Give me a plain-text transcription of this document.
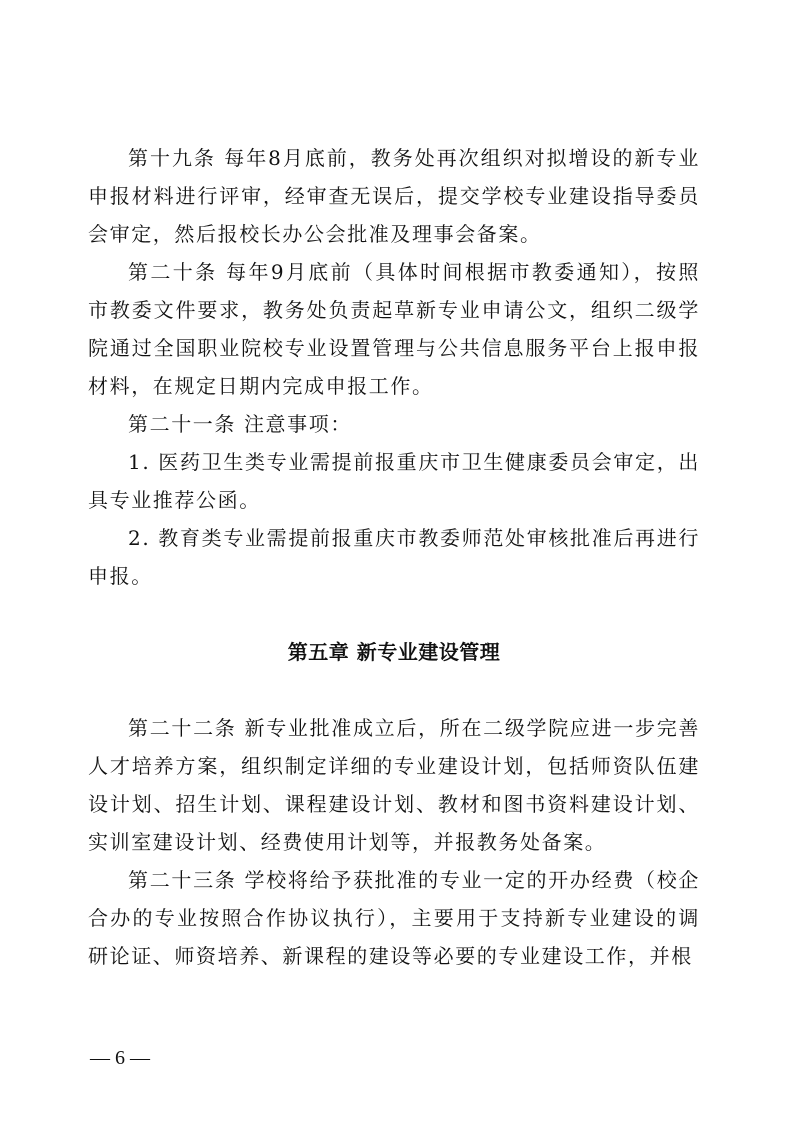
第十九条 每年8月底前，教务处再次组织对拟增设的新专业申报材料进行评审，经审查无误后，提交学校专业建设指导委员会审定，然后报校长办公会批准及理事会备案。

第二十条 每年9月底前（具体时间根据市教委通知），按照市教委文件要求，教务处负责起草新专业申请公文，组织二级学院通过全国职业院校专业设置管理与公共信息服务平台上报申报材料，在规定日期内完成申报工作。

第二十一条 注意事项：

1. 医药卫生类专业需提前报重庆市卫生健康委员会审定，出具专业推荐公函。

2. 教育类专业需提前报重庆市教委师范处审核批准后再进行申报。

第五章 新专业建设管理

第二十二条 新专业批准成立后，所在二级学院应进一步完善人才培养方案，组织制定详细的专业建设计划，包括师资队伍建设计划、招生计划、课程建设计划、教材和图书资料建设计划、实训室建设计划、经费使用计划等，并报教务处备案。

第二十三条 学校将给予获批准的专业一定的开办经费（校企合办的专业按照合作协议执行），主要用于支持新专业建设的调研论证、师资培养、新课程的建设等必要的专业建设工作，并根

— 6 —
